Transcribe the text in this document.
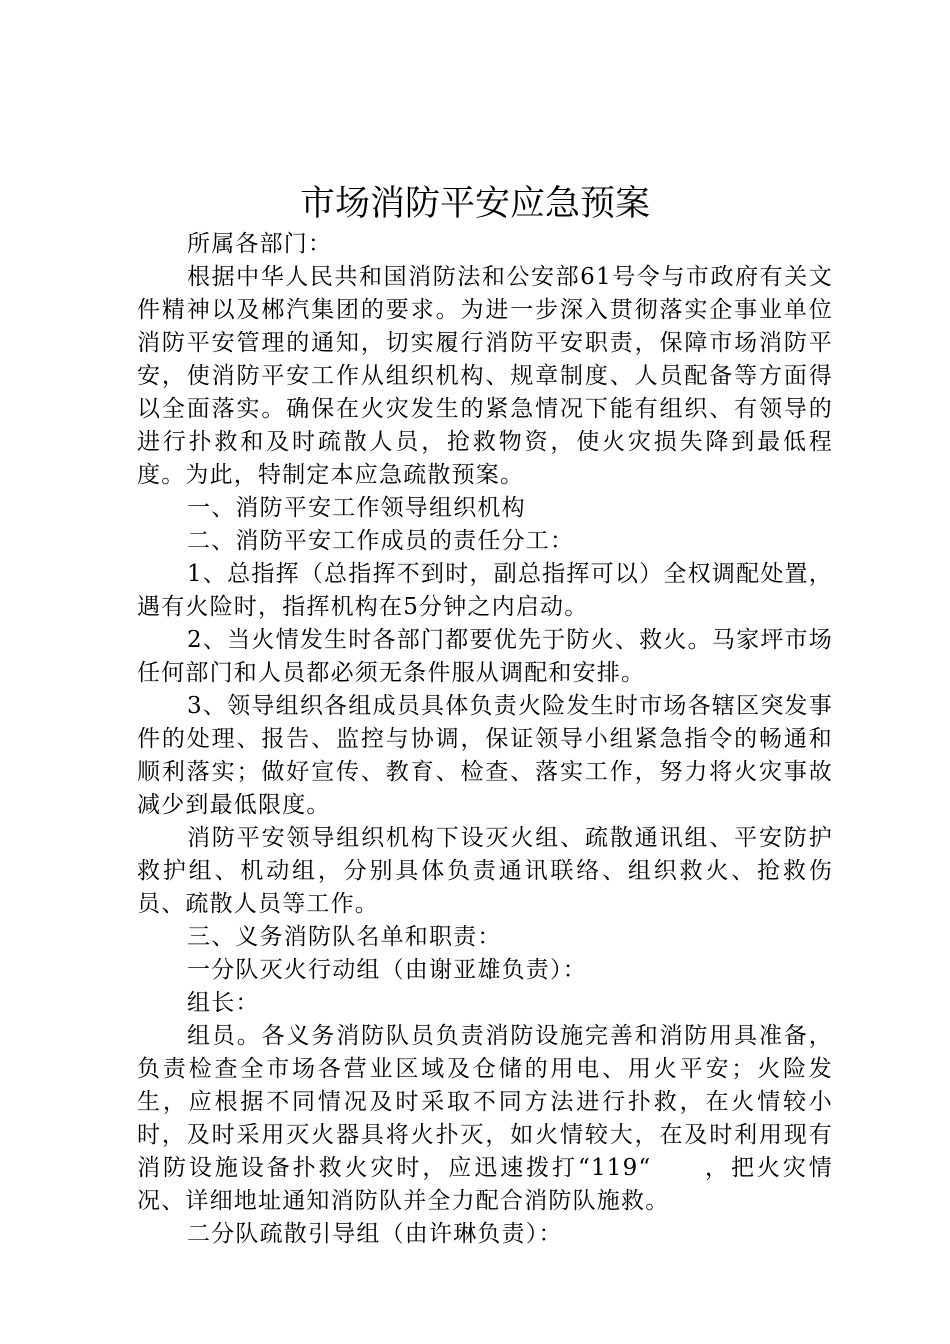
市场消防平安应急预案

所属各部门：

根据中华人民共和国消防法和公安部61号令与市政府有关文件精神以及郴汽集团的要求。为进一步深入贯彻落实企事业单位消防平安管理的通知，切实履行消防平安职责，保障市场消防平安，使消防平安工作从组织机构、规章制度、人员配备等方面得以全面落实。确保在火灾发生的紧急情况下能有组织、有领导的进行扑救和及时疏散人员，抢救物资，使火灾损失降到最低程度。为此，特制定本应急疏散预案。

一、消防平安工作领导组织机构

二、消防平安工作成员的责任分工：

1、总指挥（总指挥不到时，副总指挥可以）全权调配处置，遇有火险时，指挥机构在5分钟之内启动。

2、当火情发生时各部门都要优先于防火、救火。马家坪市场任何部门和人员都必须无条件服从调配和安排。

3、领导组织各组成员具体负责火险发生时市场各辖区突发事件的处理、报告、监控与协调，保证领导小组紧急指令的畅通和顺利落实；做好宣传、教育、检查、落实工作，努力将火灾事故减少到最低限度。

消防平安领导组织机构下设灭火组、疏散通讯组、平安防护救护组、机动组，分别具体负责通讯联络、组织救火、抢救伤员、疏散人员等工作。

三、义务消防队名单和职责：

一分队灭火行动组（由谢亚雄负责）：

组长：

组员。各义务消防队员负责消防设施完善和消防用具准备，负责检查全市场各营业区域及仓储的用电、用火平安；火险发生，应根据不同情况及时采取不同方法进行扑救，在火情较小时，及时采用灭火器具将火扑灭，如火情较大，在及时利用现有消防设施设备扑救火灾时，应迅速拨打“119“　　，把火灾情况、详细地址通知消防队并全力配合消防队施救。

二分队疏散引导组（由许琳负责）：
